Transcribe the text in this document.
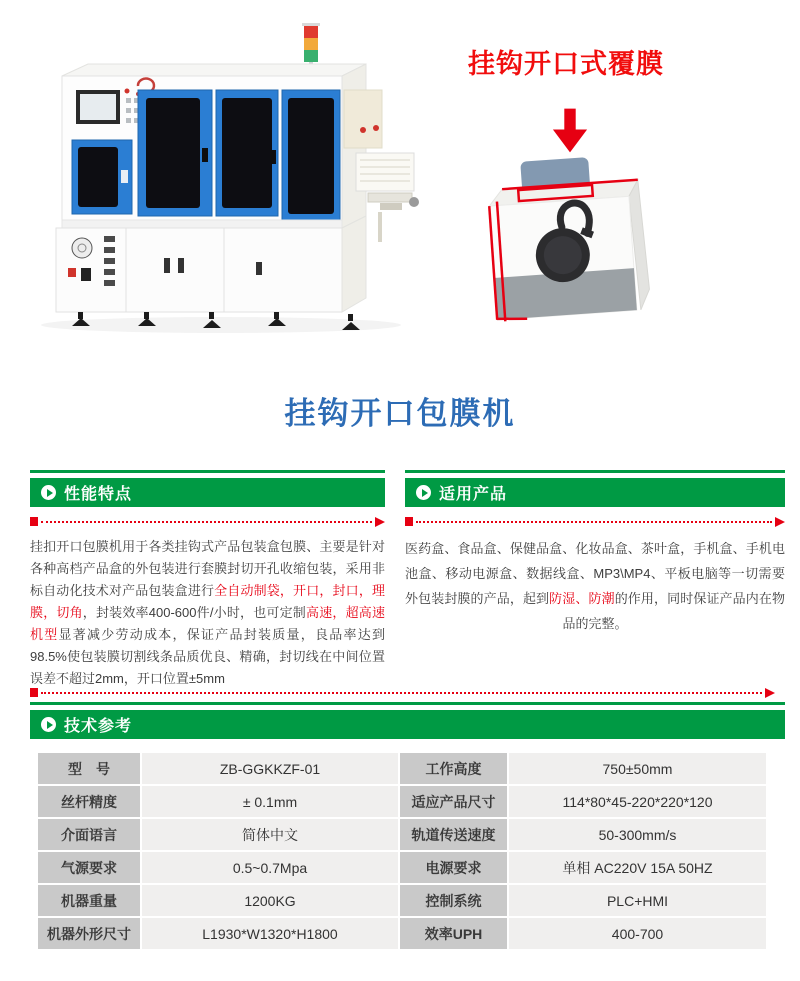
挂钩开口式覆膜
挂钩开口包膜机
性能特点

挂扣开口包膜机用于各类挂钩式产品包装盒包膜、主要是针对各种高档产品盒的外包装进行套膜封切开孔收缩包装，采用非标自动化技术对产品包装盒进行全自动制袋，开口，封口，理膜，切角，封装效率400-600件/小时，也可定制高速，超高速机型显著减少劳动成本，保证产品封装质量，良品率达到98.5%使包装膜切割线条品质优良、精确，封切线在中间位置误差不超过2mm，开口位置±5mm

适用产品

医药盒、食品盒、保健品盒、化妆品盒、茶叶盒，手机盒、手机电池盒、移动电源盒、数据线盒、MP3\MP4、平板电脑等一切需要外包装封膜的产品，起到防湿、防潮的作用，同时保证产品内在物品的完整。

技术参考
型　号	ZB-GGKKZF-01	工作高度	750±50mm
丝杆精度	± 0.1mm	适应产品尺寸	114*80*45-220*220*120
介面语言	简体中文	轨道传送速度	50-300mm/s
气源要求	0.5~0.7Mpa	电源要求	单相 AC220V 15A 50HZ
机器重量	1200KG	控制系统	PLC+HMI
机器外形尺寸	L1930*W1320*H1800	效率UPH	400-700
